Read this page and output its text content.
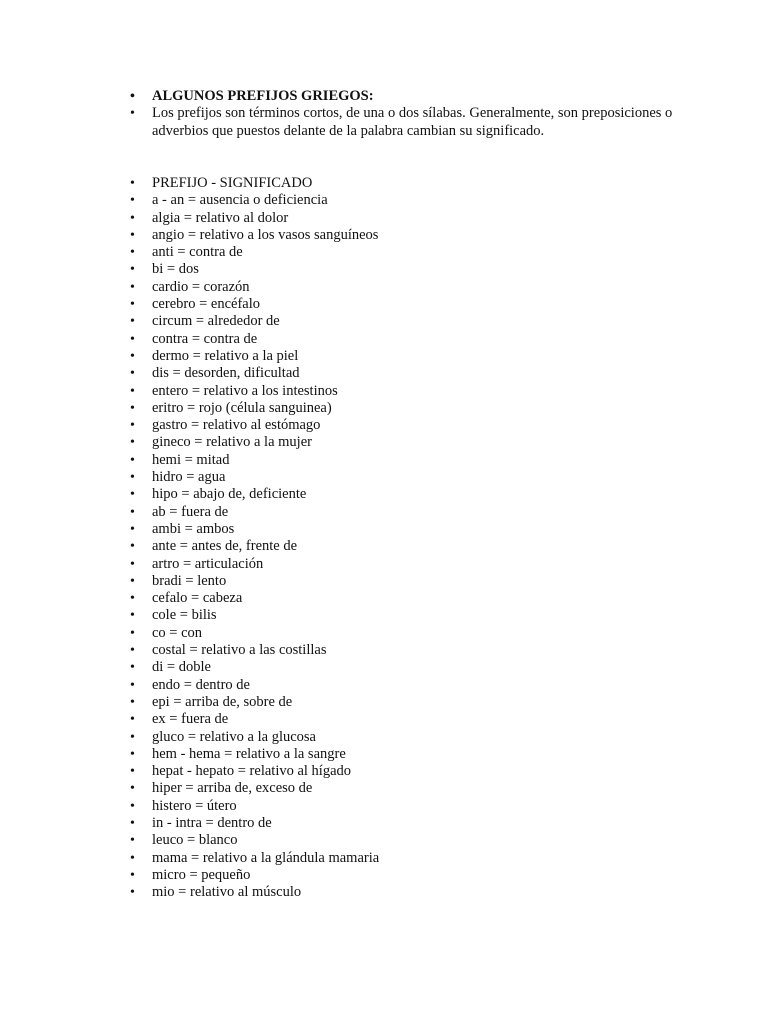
• ALGUNOS PREFIJOS GRIEGOS:
• Los prefijos son términos cortos, de una o dos sílabas. Generalmente, son preposiciones o adverbios que puestos delante de la palabra cambian su significado.
• PREFIJO - SIGNIFICADO
• a - an = ausencia o deficiencia
• algia = relativo al dolor
• angio = relativo a los vasos sanguíneos
• anti = contra de
• bi = dos
• cardio = corazón
• cerebro = encéfalo
• circum = alrededor de
• contra = contra de
• dermo = relativo a la piel
• dis = desorden, dificultad
• entero = relativo a los intestinos
• eritro = rojo (célula sanguinea)
• gastro = relativo al estómago
• gineco = relativo a la mujer
• hemi = mitad
• hidro = agua
• hipo = abajo de, deficiente
• ab = fuera de
• ambi = ambos
• ante = antes de, frente de
• artro = articulación
• bradi = lento
• cefalo = cabeza
• cole = bilis
• co = con
• costal = relativo a las costillas
• di = doble
• endo = dentro de
• epi = arriba de, sobre de
• ex = fuera de
• gluco = relativo a la glucosa
• hem - hema = relativo a la sangre
• hepat - hepato = relativo al hígado
• hiper = arriba de, exceso de
• histero = útero
• in - intra = dentro de
• leuco = blanco
• mama = relativo a la glándula mamaria
• micro = pequeño
• mio = relativo al músculo
